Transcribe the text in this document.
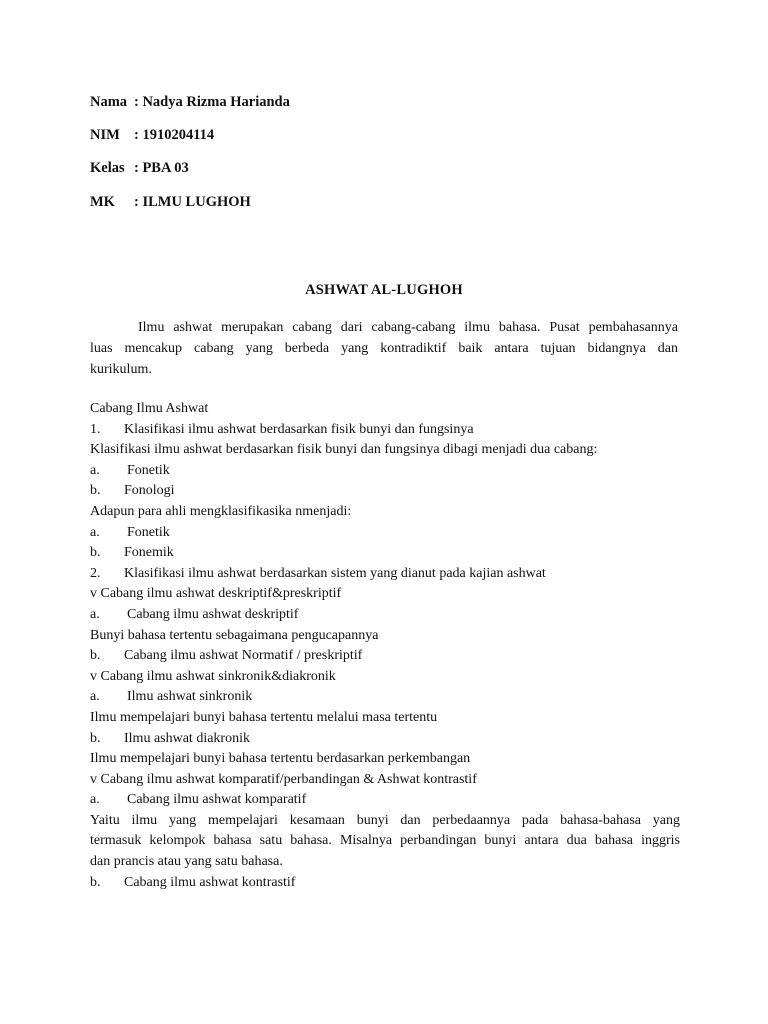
Nama : Nadya Rizma Harianda
NIM : 1910204114
Kelas : PBA 03
MK : ILMU LUGHOH
ASHWAT AL-LUGHOH
Ilmu ashwat merupakan cabang dari cabang-cabang ilmu bahasa. Pusat pembahasannya
luas mencakup cabang yang berbeda yang kontradiktif baik antara tujuan bidangnya dan
kurikulum.
Cabang Ilmu Ashwat
1. Klasifikasi ilmu ashwat berdasarkan fisik bunyi dan fungsinya
Klasifikasi ilmu ashwat berdasarkan fisik bunyi dan fungsinya dibagi menjadi dua cabang:
a. Fonetik
b. Fonologi
Adapun para ahli mengklasifikasika nmenjadi:
a. Fonetik
b. Fonemik
2. Klasifikasi ilmu ashwat berdasarkan sistem yang dianut pada kajian ashwat
v Cabang ilmu ashwat deskriptif&preskriptif
a. Cabang ilmu ashwat deskriptif
Bunyi bahasa tertentu sebagaimana pengucapannya
b. Cabang ilmu ashwat Normatif / preskriptif
v Cabang ilmu ashwat sinkronik&diakronik
a. Ilmu ashwat sinkronik
Ilmu mempelajari bunyi bahasa tertentu melalui masa tertentu
b. Ilmu ashwat diakronik
Ilmu mempelajari bunyi bahasa tertentu berdasarkan perkembangan
v Cabang ilmu ashwat komparatif/perbandingan & Ashwat kontrastif
a. Cabang ilmu ashwat komparatif
Yaitu ilmu yang mempelajari kesamaan bunyi dan perbedaannya pada bahasa-bahasa yang
termasuk kelompok bahasa satu bahasa. Misalnya perbandingan bunyi antara dua bahasa inggris
dan prancis atau yang satu bahasa.
b. Cabang ilmu ashwat kontrastif
